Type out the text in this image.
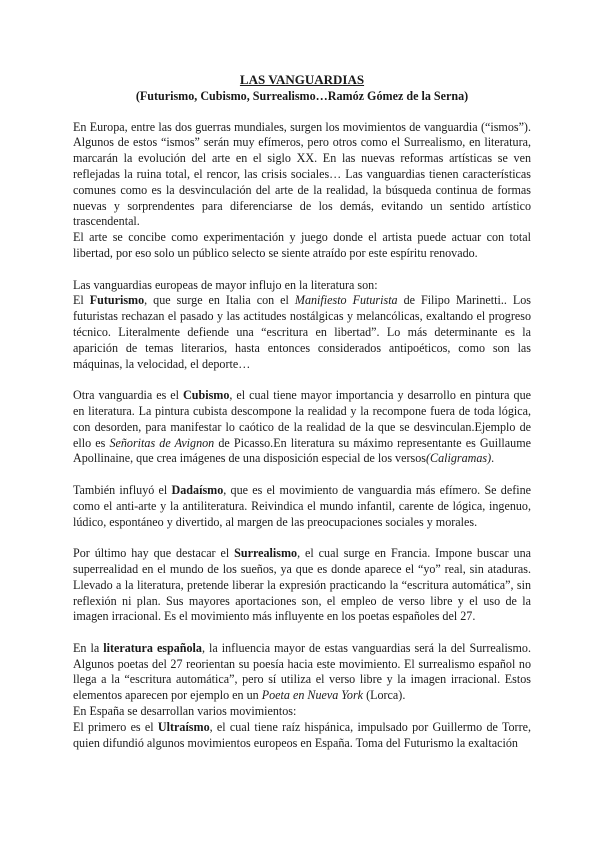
LAS VANGUARDIAS
(Futurismo, Cubismo, Surrealismo…Ramóz Gómez de la Serna)

En Europa, entre las dos guerras mundiales, surgen los movimientos de vanguardia (“ismos”). Algunos de estos “ismos” serán muy efímeros, pero otros como el Surrealismo, en literatura, marcarán la evolución del arte en el siglo XX. En las nuevas reformas artísticas se ven reflejadas la ruina total, el rencor, las crisis sociales… Las vanguardias tienen características comunes como es la desvinculación del arte de la realidad, la búsqueda continua de formas nuevas y sorprendentes para diferenciarse de los demás, evitando un sentido artístico trascendental.

El arte se concibe como experimentación y juego donde el artista puede actuar con total libertad, por eso solo un público selecto se siente atraído por este espíritu renovado.

Las vanguardias europeas de mayor influjo en la literatura son:

El Futurismo, que surge en Italia con el Manifiesto Futurista de Filipo Marinetti.. Los futuristas rechazan el pasado y las actitudes nostálgicas y melancólicas, exaltando el progreso técnico. Literalmente defiende una “escritura en libertad”. Lo más determinante es la aparición de temas literarios, hasta entonces considerados antipoéticos, como son las máquinas, la velocidad, el deporte…

Otra vanguardia es el Cubismo, el cual tiene mayor importancia y desarrollo en pintura que en literatura. La pintura cubista descompone la realidad y la recompone fuera de toda lógica, con desorden, para manifestar lo caótico de la realidad de la que se desvinculan.Ejemplo de ello es Señoritas de Avignon de Picasso.En literatura su máximo representante es Guillaume Apollinaine, que crea imágenes de una disposición especial de los versos(Caligramas).

También influyó el Dadaísmo, que es el movimiento de vanguardia más efímero. Se define como el anti-arte y la antiliteratura. Reivindica el mundo infantil, carente de lógica, ingenuo, lúdico, espontáneo y divertido, al margen de las preocupaciones sociales y morales.

Por último hay que destacar el Surrealismo, el cual surge en Francia. Impone buscar una superrealidad en el mundo de los sueños, ya que es donde aparece el “yo” real, sin ataduras. Llevado a la literatura, pretende liberar la expresión practicando la “escritura automática”, sin reflexión ni plan. Sus mayores aportaciones son, el empleo de verso libre y el uso de la imagen irracional. Es el movimiento más influyente en los poetas españoles del 27.

En la literatura española, la influencia mayor de estas vanguardias será la del Surrealismo. Algunos poetas del 27 reorientan su poesía hacia este movimiento. El surrealismo español no llega a la “escritura automática”, pero sí utiliza el verso libre y la imagen irracional. Estos elementos aparecen por ejemplo en un Poeta en Nueva York (Lorca).

En España se desarrollan varios movimientos:

El primero es el Ultraísmo, el cual tiene raíz hispánica, impulsado por Guillermo de Torre, quien difundió algunos movimientos europeos en España. Toma del Futurismo la exaltación
